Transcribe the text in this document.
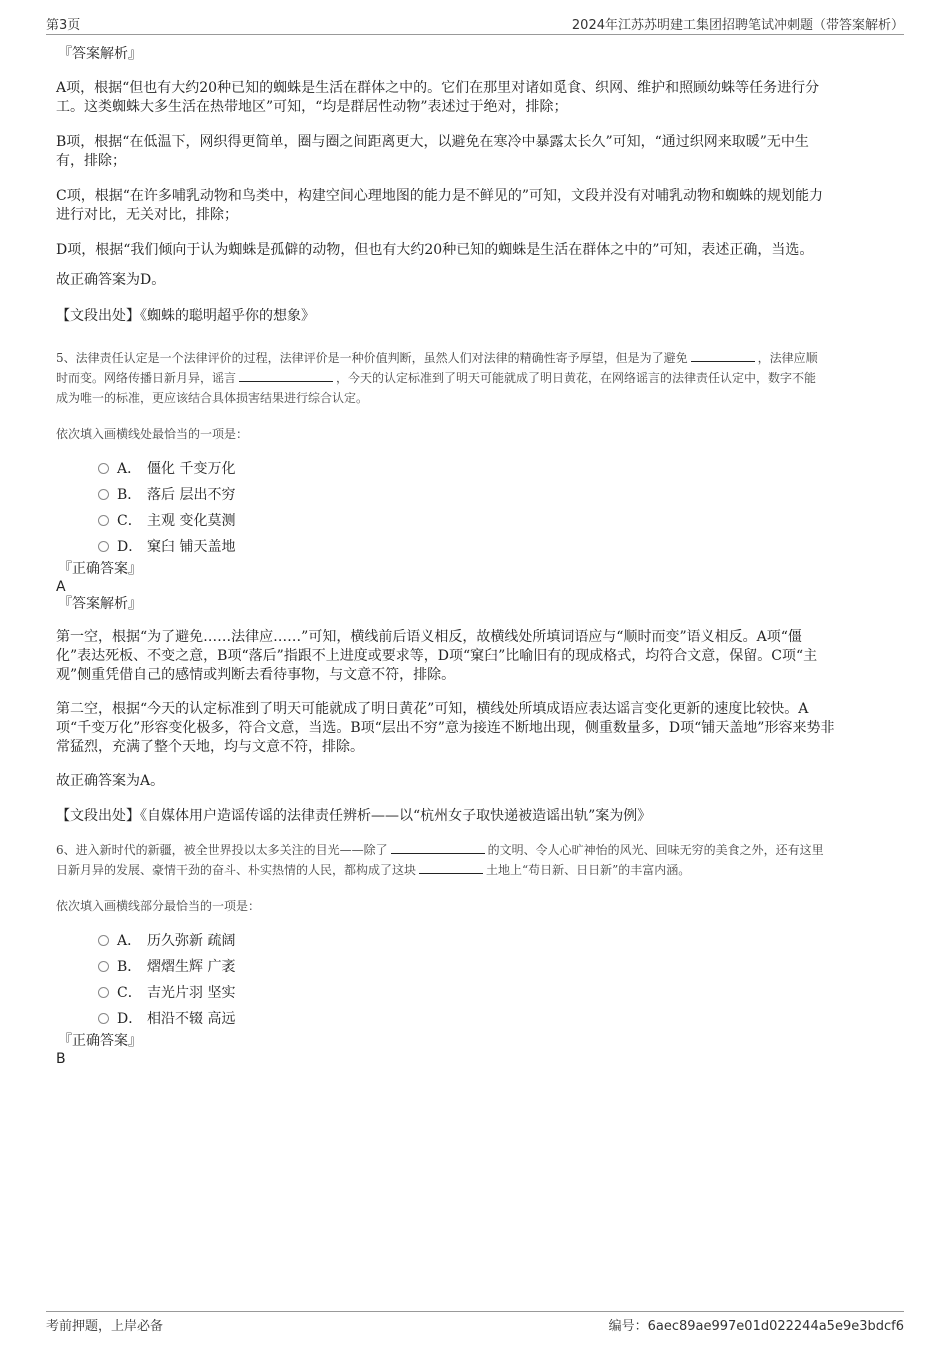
第3页	2024年江苏苏明建工集团招聘笔试冲刺题（带答案解析）
『答案解析』
A项，根据“但也有大约20种已知的蜘蛛是生活在群体之中的。它们在那里对诸如觅食、织网、维护和照顾幼蛛等任务进行分
工。这类蜘蛛大多生活在热带地区”可知，“均是群居性动物”表述过于绝对，排除；
B项，根据“在低温下，网织得更简单，圈与圈之间距离更大，以避免在寒冷中暴露太长久”可知，“通过织网来取暖”无中生
有，排除；
C项，根据“在许多哺乳动物和鸟类中，构建空间心理地图的能力是不鲜见的”可知，文段并没有对哺乳动物和蜘蛛的规划能力
进行对比，无关对比，排除；
D项，根据“我们倾向于认为蜘蛛是孤僻的动物，但也有大约20种已知的蜘蛛是生活在群体之中的”可知，表述正确，当选。
故正确答案为D。
【文段出处】《蜘蛛的聪明超乎你的想象》
5、法律责任认定是一个法律评价的过程，法律评价是一种价值判断，虽然人们对法律的精确性寄予厚望，但是为了避免	，法律应顺
时而变。网络传播日新月异，谣言	，今天的认定标准到了明天可能就成了明日黄花，在网络谣言的法律责任认定中，数字不能
成为唯一的标准，更应该结合具体损害结果进行综合认定。
依次填入画横线处最恰当的一项是：
A． 僵化 千变万化
B． 落后 层出不穷
C． 主观 变化莫测
D． 窠臼 铺天盖地
『正确答案』
A
『答案解析』
第一空，根据“为了避免……法律应……”可知，横线前后语义相反，故横线处所填词语应与“顺时而变”语义相反。A项“僵
化”表达死板、不变之意，B项“落后”指跟不上进度或要求等，D项“窠臼”比喻旧有的现成格式，均符合文意，保留。C项“主
观”侧重凭借自己的感情或判断去看待事物，与文意不符，排除。
第二空，根据“今天的认定标准到了明天可能就成了明日黄花”可知，横线处所填成语应表达谣言变化更新的速度比较快。A
项“千变万化”形容变化极多，符合文意，当选。B项“层出不穷”意为接连不断地出现，侧重数量多，D项“铺天盖地”形容来势非
常猛烈，充满了整个天地，均与文意不符，排除。
故正确答案为A。
【文段出处】《自媒体用户造谣传谣的法律责任辨析——以“杭州女子取快递被造谣出轨”案为例》
6、进入新时代的新疆，被全世界投以太多关注的目光——除了	的文明、令人心旷神怡的风光、回味无穷的美食之外，还有这里
日新月异的发展、豪情干劲的奋斗、朴实热情的人民，都构成了这块	土地上“苟日新、日日新”的丰富内涵。
依次填入画横线部分最恰当的一项是：
A． 历久弥新 疏阔
B． 熠熠生辉 广袤
C． 吉光片羽 坚实
D． 相沿不辍 高远
『正确答案』
B
考前押题，上岸必备	编号：6aec89ae997e01d022244a5e9e3bdcf6
